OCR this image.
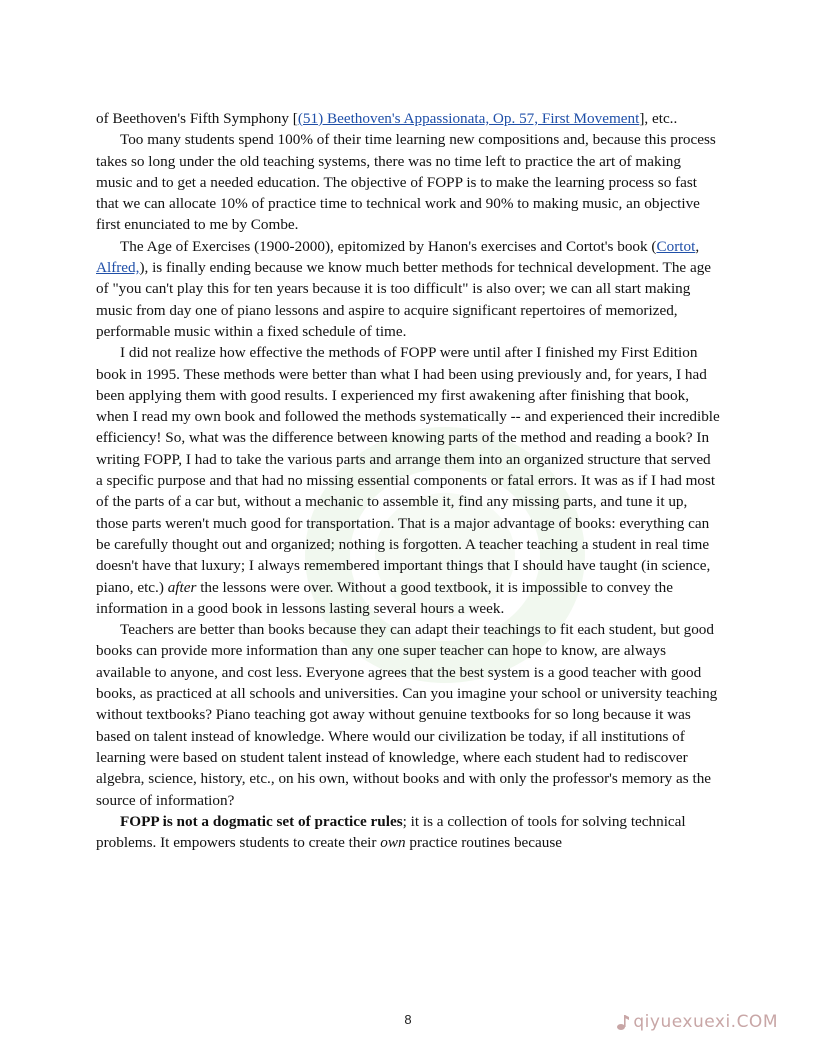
of Beethoven's Fifth Symphony [(51) Beethoven's Appassionata, Op. 57, First Movement], etc..

Too many students spend 100% of their time learning new compositions and, because this process takes so long under the old teaching systems, there was no time left to practice the art of making music and to get a needed education. The objective of FOPP is to make the learning process so fast that we can allocate 10% of practice time to technical work and 90% to making music, an objective first enunciated to me by Combe.

The Age of Exercises (1900-2000), epitomized by Hanon's exercises and Cortot's book (Cortot, Alfred,), is finally ending because we know much better methods for technical development. The age of "you can't play this for ten years because it is too difficult" is also over; we can all start making music from day one of piano lessons and aspire to acquire significant repertoires of memorized, performable music within a fixed schedule of time.

I did not realize how effective the methods of FOPP were until after I finished my First Edition book in 1995. These methods were better than what I had been using previously and, for years, I had been applying them with good results. I experienced my first awakening after finishing that book, when I read my own book and followed the methods systematically -- and experienced their incredible efficiency! So, what was the difference between knowing parts of the method and reading a book? In writing FOPP, I had to take the various parts and arrange them into an organized structure that served a specific purpose and that had no missing essential components or fatal errors. It was as if I had most of the parts of a car but, without a mechanic to assemble it, find any missing parts, and tune it up, those parts weren't much good for transportation. That is a major advantage of books: everything can be carefully thought out and organized; nothing is forgotten. A teacher teaching a student in real time doesn't have that luxury; I always remembered important things that I should have taught (in science, piano, etc.) after the lessons were over. Without a good textbook, it is impossible to convey the information in a good book in lessons lasting several hours a week.

Teachers are better than books because they can adapt their teachings to fit each student, but good books can provide more information than any one super teacher can hope to know, are always available to anyone, and cost less. Everyone agrees that the best system is a good teacher with good books, as practiced at all schools and universities. Can you imagine your school or university teaching without textbooks? Piano teaching got away without genuine textbooks for so long because it was based on talent instead of knowledge. Where would our civilization be today, if all institutions of learning were based on student talent instead of knowledge, where each student had to rediscover algebra, science, history, etc., on his own, without books and with only the professor's memory as the source of information?

FOPP is not a dogmatic set of practice rules; it is a collection of tools for solving technical problems. It empowers students to create their own practice routines because

8	qiyuexuexi.COM
